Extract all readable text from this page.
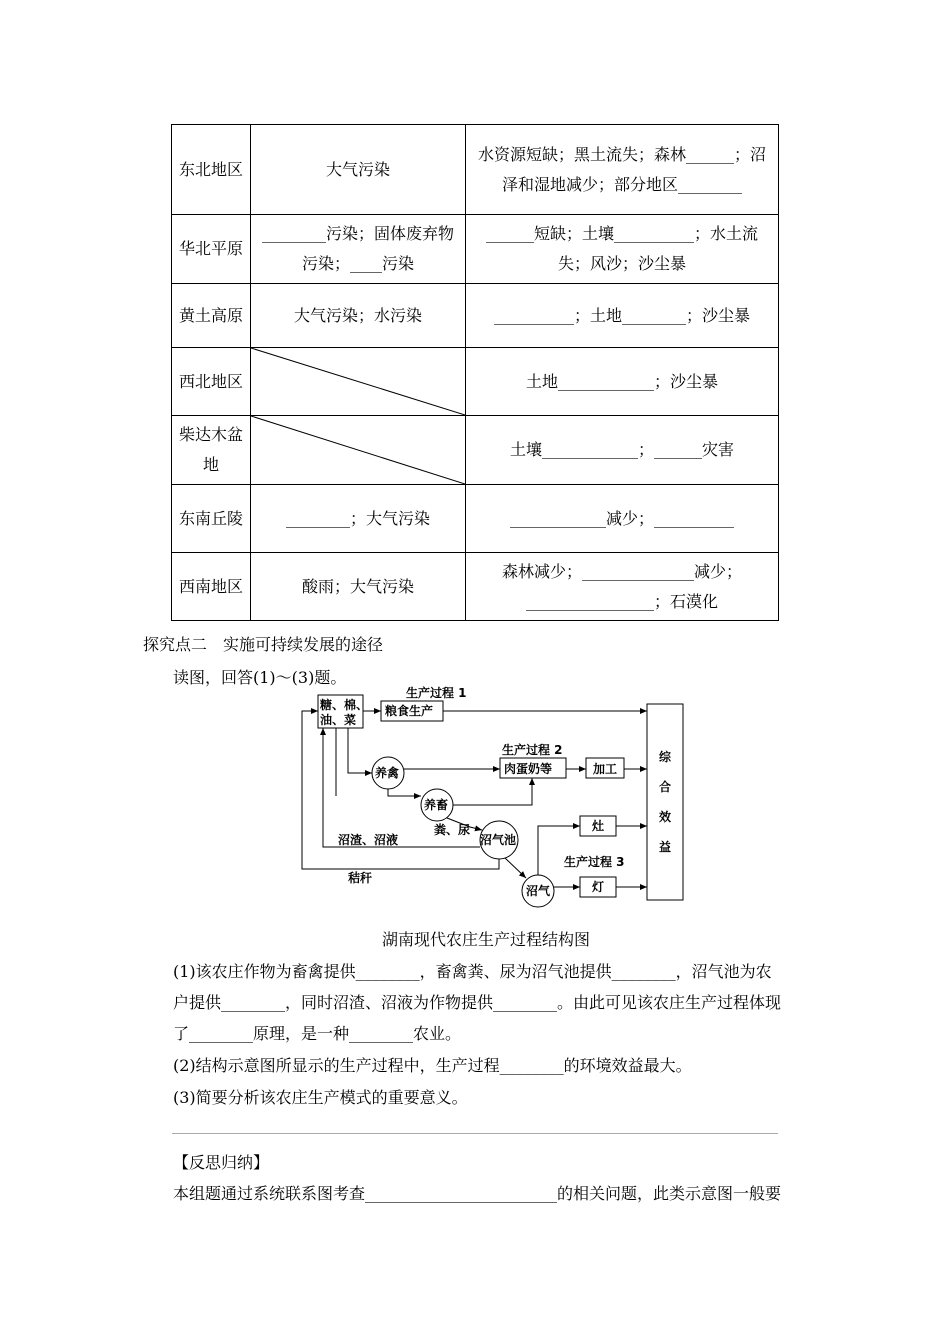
东北地区	大气污染	水资源短缺；黑土流失；森林______；沼泽和湿地减少；部分地区________
华北平原	________污染；固体废弃物污染；____污染	______短缺；土壤__________；水土流失；风沙；沙尘暴
黄土高原	大气污染；水污染	__________；土地________；沙尘暴
西北地区		土地____________；沙尘暴
柴达木盆地		土壤____________；______灾害
东南丘陵	________；大气污染	____________减少；__________
西南地区	酸雨；大气污染	森林减少；______________减少；________________；石漠化
探究点二　实施可持续发展的途径
读图，回答(1)～(3)题。
糖、棉、
油、菜
粮食生产
生产过程 1
生产过程 2
养禽
养畜
肉蛋奶等	加工
粪、尿
沼气池
沼渣、沼液
秸秆
沼气
灶
灯
生产过程 3
综
合
效
益
湖南现代农庄生产过程结构图
(1)该农庄作物为畜禽提供________，畜禽粪、尿为沼气池提供________，沼气池为农
户提供________，同时沼渣、沼液为作物提供________。由此可见该农庄生产过程体现
了________原理，是一种________农业。
(2)结构示意图所显示的生产过程中，生产过程________的环境效益最大。
(3)简要分析该农庄生产模式的重要意义。
【反思归纳】
本组题通过系统联系图考查________________________的相关问题，此类示意图一般要
